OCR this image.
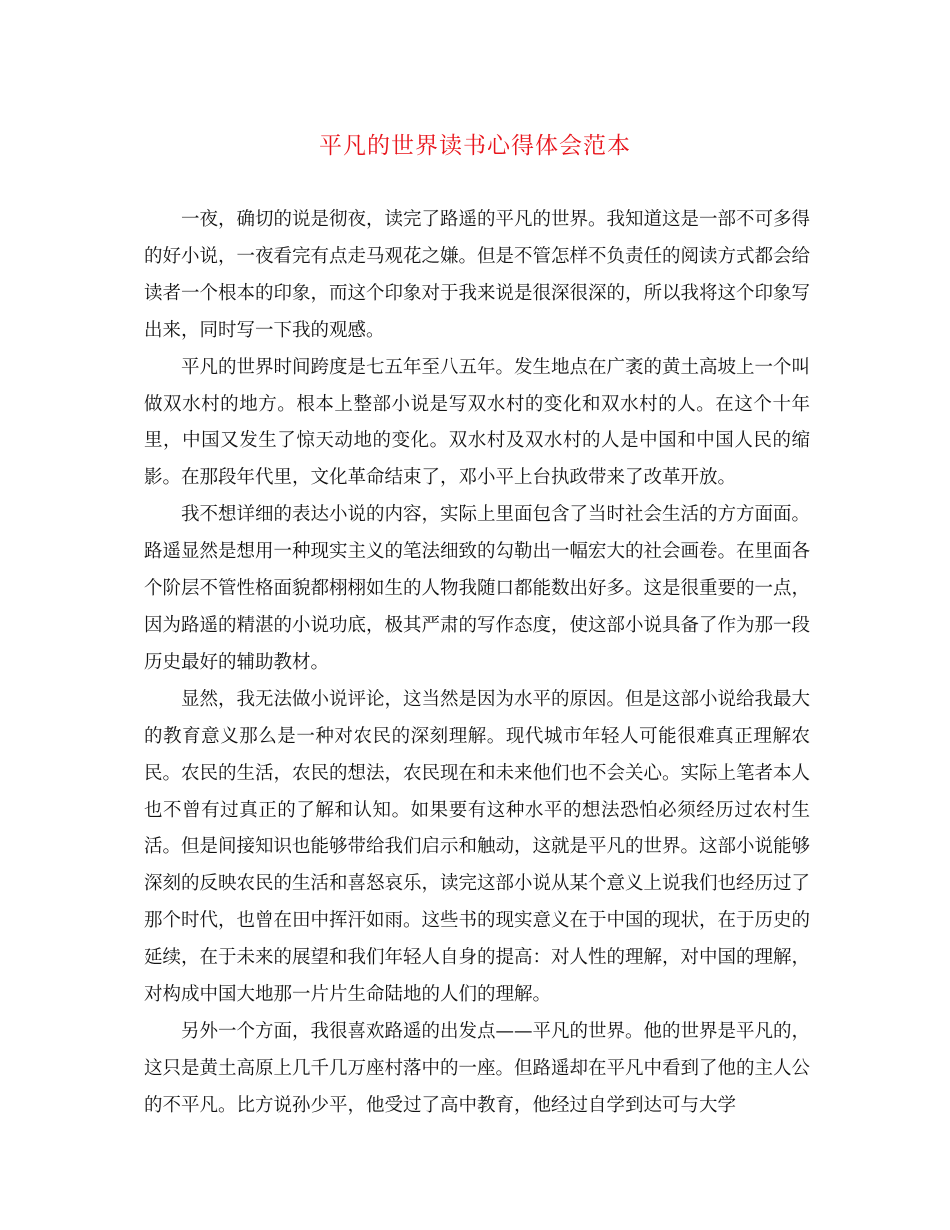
平凡的世界读书心得体会范本

一夜，确切的说是彻夜，读完了路遥的平凡的世界。我知道这是一部不可多得的好小说，一夜看完有点走马观花之嫌。但是不管怎样不负责任的阅读方式都会给读者一个根本的印象，而这个印象对于我来说是很深很深的，所以我将这个印象写出来，同时写一下我的观感。

平凡的世界时间跨度是七五年至八五年。发生地点在广袤的黄土高坡上一个叫做双水村的地方。根本上整部小说是写双水村的变化和双水村的人。在这个十年里，中国又发生了惊天动地的变化。双水村及双水村的人是中国和中国人民的缩影。在那段年代里，文化革命结束了，邓小平上台执政带来了改革开放。

我不想详细的表达小说的内容，实际上里面包含了当时社会生活的方方面面。路遥显然是想用一种现实主义的笔法细致的勾勒出一幅宏大的社会画卷。在里面各个阶层不管性格面貌都栩栩如生的人物我随口都能数出好多。这是很重要的一点，因为路遥的精湛的小说功底，极其严肃的写作态度，使这部小说具备了作为那一段历史最好的辅助教材。

显然，我无法做小说评论，这当然是因为水平的原因。但是这部小说给我最大的教育意义那么是一种对农民的深刻理解。现代城市年轻人可能很难真正理解农民。农民的生活，农民的想法，农民现在和未来他们也不会关心。实际上笔者本人也不曾有过真正的了解和认知。如果要有这种水平的想法恐怕必须经历过农村生活。但是间接知识也能够带给我们启示和触动，这就是平凡的世界。这部小说能够深刻的反映农民的生活和喜怒哀乐，读完这部小说从某个意义上说我们也经历过了那个时代，也曾在田中挥汗如雨。这些书的现实意义在于中国的现状，在于历史的延续，在于未来的展望和我们年轻人自身的提高：对人性的理解，对中国的理解，对构成中国大地那一片片生命陆地的人们的理解。

另外一个方面，我很喜欢路遥的出发点——平凡的世界。他的世界是平凡的，这只是黄土高原上几千几万座村落中的一座。但路遥却在平凡中看到了他的主人公的不平凡。比方说孙少平，他受过了高中教育，他经过自学到达可与大学
